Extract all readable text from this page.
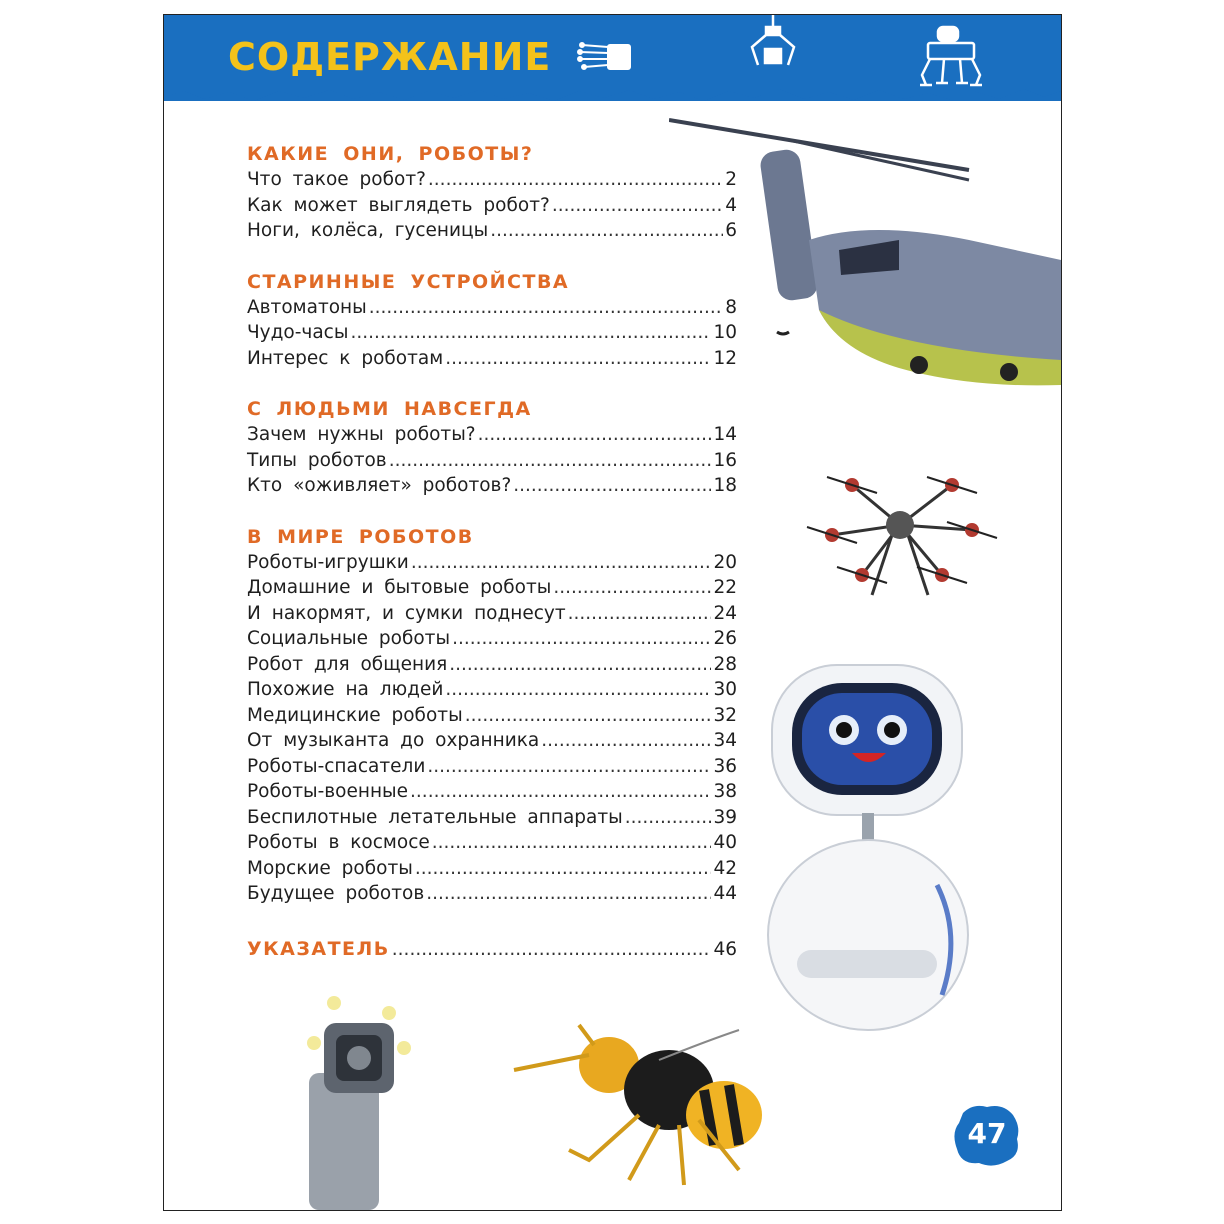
СОДЕРЖАНИЕ
КАКИЕ ОНИ, РОБОТЫ?
Что такое робот? .....	2
Как может выглядеть робот? .....	4
Ноги, колёса, гусеницы .....	6
СТАРИННЫЕ УСТРОЙСТВА
Автоматоны .....	8
Чудо-часы .....	10
Интерес к роботам .....	12
С ЛЮДЬМИ НАВСЕГДА
Зачем нужны роботы? .....	14
Типы роботов .....	16
Кто «оживляет» роботов? .....	18
В МИРЕ РОБОТОВ
Роботы-игрушки .....	20
Домашние и бытовые роботы .....	22
И накормят, и сумки поднесут .....	24
Социальные роботы .....	26
Робот для общения .....	28
Похожие на людей .....	30
Медицинские роботы .....	32
От музыканта до охранника .....	34
Роботы-спасатели .....	36
Роботы-военные .....	38
Беспилотные летательные аппараты .....	39
Роботы в космосе .....	40
Морские роботы .....	42
Будущее роботов .....	44
УКАЗАТЕЛЬ .....	46
47
